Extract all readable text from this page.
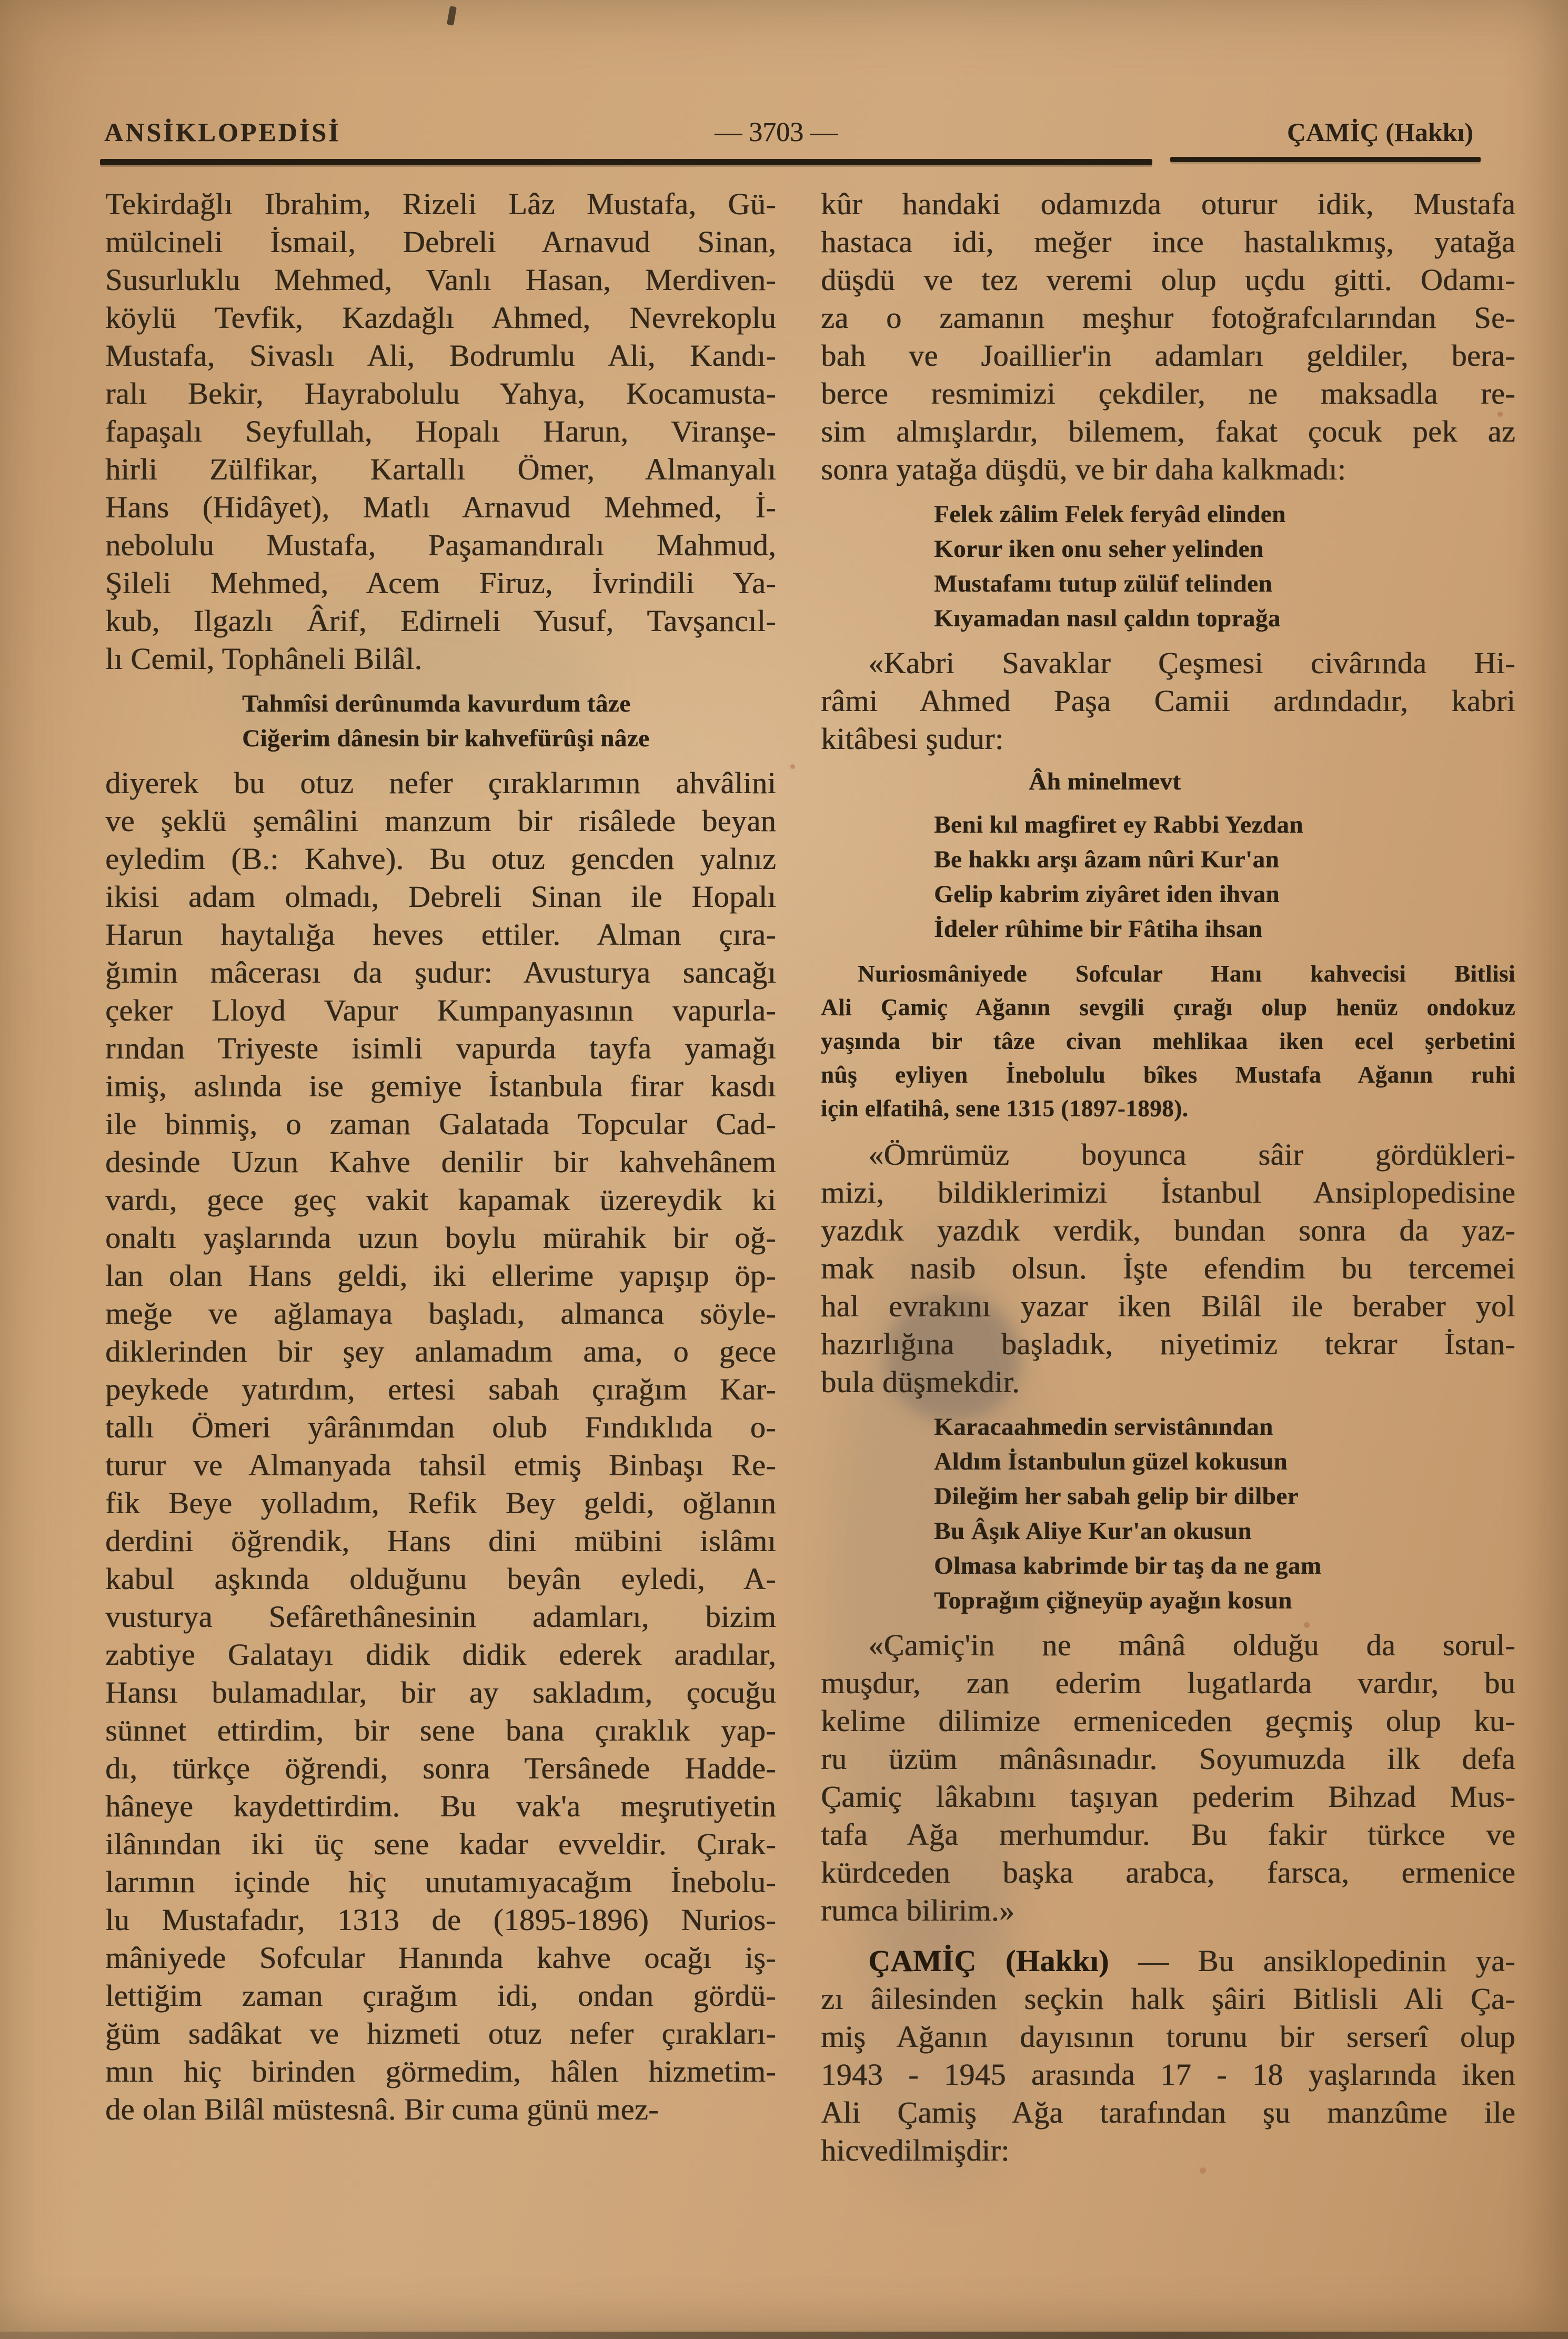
ANSİKLOPEDİSİ	— 3703 —	ÇAMİÇ (Hakkı)
Tekirdağlı Ibrahim, Rizeli Lâz Mustafa, Gü-
mülcineli İsmail, Debreli Arnavud Sinan,
Susurluklu Mehmed, Vanlı Hasan, Merdiven-
köylü Tevfik, Kazdağlı Ahmed, Nevrekoplu
Mustafa, Sivaslı Ali, Bodrumlu Ali, Kandı-
ralı Bekir, Hayrabolulu Yahya, Kocamusta-
fapaşalı Seyfullah, Hopalı Harun, Viranşe-
hirli Zülfikar, Kartallı Ömer, Almanyalı
Hans (Hidâyet), Matlı Arnavud Mehmed, İ-
nebolulu Mustafa, Paşamandıralı Mahmud,
Şileli Mehmed, Acem Firuz, İvrindili Ya-
kub, Ilgazlı Ârif, Edirneli Yusuf, Tavşancıl-
lı Cemil, Tophâneli Bilâl.
Tahmîsi derûnumda kavurdum tâze
Ciğerim dânesin bir kahvefürûşi nâze
diyerek bu otuz nefer çıraklarımın ahvâlini
ve şeklü şemâlini manzum bir risâlede beyan
eyledim (B.: Kahve). Bu otuz gencden yalnız
ikisi adam olmadı, Debreli Sinan ile Hopalı
Harun haytalığa heves ettiler. Alman çıra-
ğımin mâcerası da şudur: Avusturya sancağı
çeker Lloyd Vapur Kumpanyasının vapurla-
rından Triyeste isimli vapurda tayfa yamağı
imiş, aslında ise gemiye İstanbula firar kasdı
ile binmiş, o zaman Galatada Topcular Cad-
desinde Uzun Kahve denilir bir kahvehânem
vardı, gece geç vakit kapamak üzereydik ki
onaltı yaşlarında uzun boylu mürahik bir oğ-
lan olan Hans geldi, iki ellerime yapışıp öp-
meğe ve ağlamaya başladı, almanca söyle-
diklerinden bir şey anlamadım ama, o gece
peykede yatırdım, ertesi sabah çırağım Kar-
tallı Ömeri yârânımdan olub Fındıklıda o-
turur ve Almanyada tahsil etmiş Binbaşı Re-
fik Beye yolladım, Refik Bey geldi, oğlanın
derdini öğrendik, Hans dini mübini islâmı
kabul aşkında olduğunu beyân eyledi, A-
vusturya Sefârethânesinin adamları, bizim
zabtiye Galatayı didik didik ederek aradılar,
Hansı bulamadılar, bir ay sakladım, çocuğu
sünnet ettirdim, bir sene bana çıraklık yap-
dı, türkçe öğrendi, sonra Tersânede Hadde-
hâneye kaydettirdim. Bu vak'a meşrutiyetin
ilânından iki üç sene kadar evveldir. Çırak-
larımın içinde hiç unutamıyacağım İnebolu-
lu Mustafadır, 1313 de (1895-1896) Nurios-
mâniyede Sofcular Hanında kahve ocağı iş-
lettiğim zaman çırağım idi, ondan gördü-
ğüm sadâkat ve hizmeti otuz nefer çırakları-
mın hiç birinden görmedim, hâlen hizmetim-
de olan Bilâl müstesnâ. Bir cuma günü mez-
kûr handaki odamızda oturur idik, Mustafa
hastaca idi, meğer ince hastalıkmış, yatağa
düşdü ve tez veremi olup uçdu gitti. Odamı-
za o zamanın meşhur fotoğrafcılarından Se-
bah ve Joaillier'in adamları geldiler, bera-
berce resmimizi çekdiler, ne maksadla re-
sim almışlardır, bilemem, fakat çocuk pek az
sonra yatağa düşdü, ve bir daha kalkmadı:
Felek zâlim Felek feryâd elinden
Korur iken onu seher yelinden
Mustafamı tutup zülüf telinden
Kıyamadan nasıl çaldın toprağa
«Kabri Savaklar Çeşmesi civârında Hi-
râmi Ahmed Paşa Camii ardındadır, kabri
kitâbesi şudur:
Âh minelmevt
Beni kıl magfiret ey Rabbi Yezdan
Be hakkı arşı âzam nûri Kur'an
Gelip kabrim ziyâret iden ihvan
İdeler rûhime bir Fâtiha ihsan
Nuriosmâniyede Sofcular Hanı kahvecisi Bitlisi
Ali Çamiç Ağanın sevgili çırağı olup henüz ondokuz
yaşında bir tâze civan mehlikaa iken ecel şerbetini
nûş eyliyen İnebolulu bîkes Mustafa Ağanın ruhi
için elfatihâ, sene 1315 (1897-1898).
«Ömrümüz boyunca sâir gördükleri-
mizi, bildiklerimizi İstanbul Ansiplopedisine
yazdık yazdık verdik, bundan sonra da yaz-
mak nasib olsun. İşte efendim bu tercemei
hal evrakını yazar iken Bilâl ile beraber yol
hazırlığına başladık, niyetimiz tekrar İstan-
bula düşmekdir.
Karacaahmedin servistânından
Aldım İstanbulun güzel kokusun
Dileğim her sabah gelip bir dilber
Bu Âşık Aliye Kur'an okusun
Olmasa kabrimde bir taş da ne gam
Toprağım çiğneyüp ayağın kosun
«Çamiç'in ne mânâ olduğu da sorul-
muşdur, zan ederim lugatlarda vardır, bu
kelime dilimize ermeniceden geçmiş olup ku-
ru üzüm mânâsınadır. Soyumuzda ilk defa
Çamiç lâkabını taşıyan pederim Bihzad Mus-
tafa Ağa merhumdur. Bu fakir türkce ve
kürdceden başka arabca, farsca, ermenice
rumca bilirim.»
ÇAMİÇ (Hakkı) — Bu ansiklopedinin ya-
zı âilesinden seçkin halk şâiri Bitlisli Ali Ça-
miş Ağanın dayısının torunu bir serserî olup
1943 - 1945 arasında 17 - 18 yaşlarında iken
Ali Çamiş Ağa tarafından şu manzûme ile
hicvedilmişdir:
